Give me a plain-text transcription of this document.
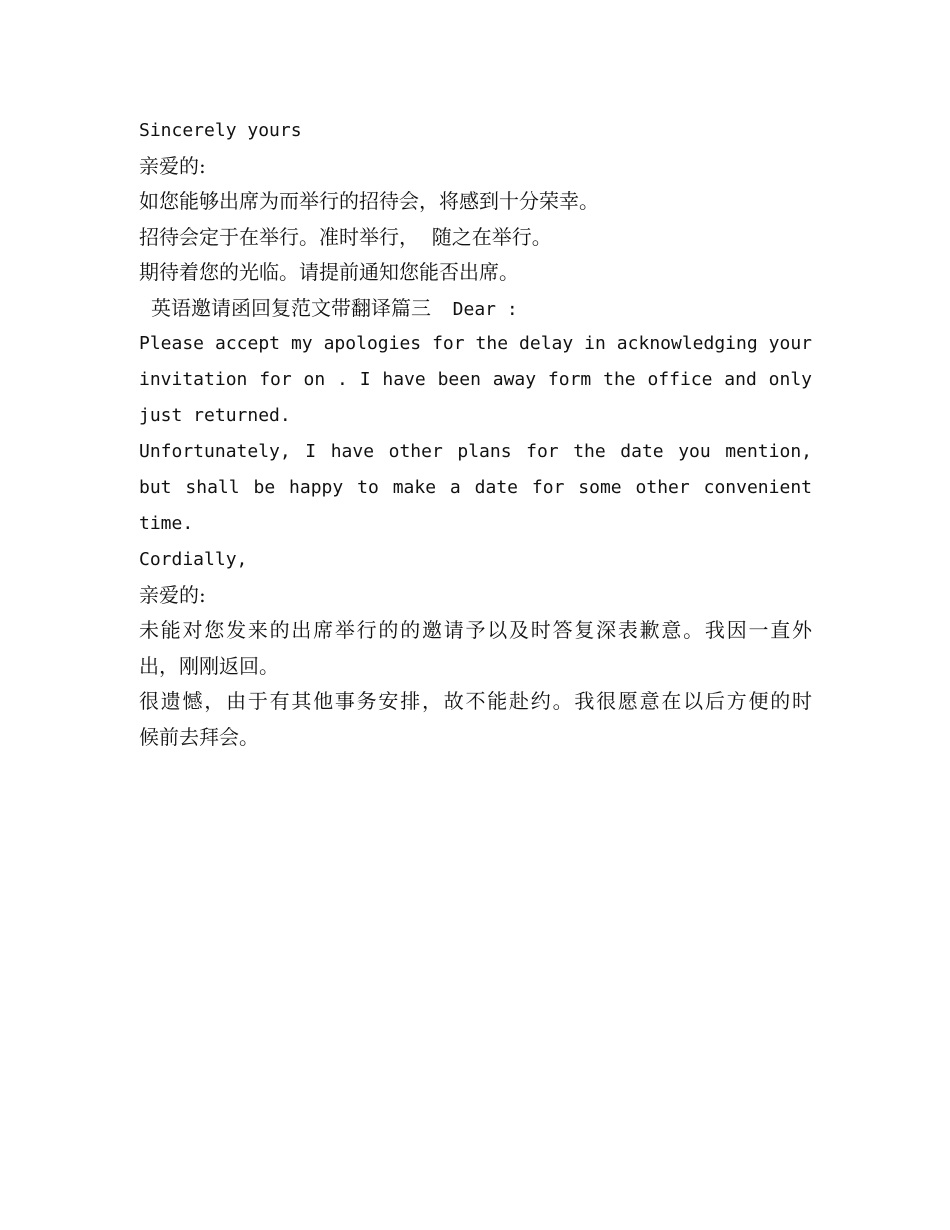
Sincerely yours
亲爱的:
如您能够出席为而举行的招待会，将感到十分荣幸。
招待会定于在举行。准时举行，  随之在举行。
期待着您的光临。请提前通知您能否出席。
英语邀请函回复范文带翻译篇三  Dear :
Please accept my apologies for the delay in acknowledging your
invitation for on . I have been away form the office and only
just returned.
Unfortunately, I have other plans for the date you mention,
but shall be happy to make a date for some other convenient
time.
Cordially,
亲爱的:
未能对您发来的出席举行的的邀请予以及时答复深表歉意。我因一直外
出，刚刚返回。
很遗憾，由于有其他事务安排，故不能赴约。我很愿意在以后方便的时
候前去拜会。
